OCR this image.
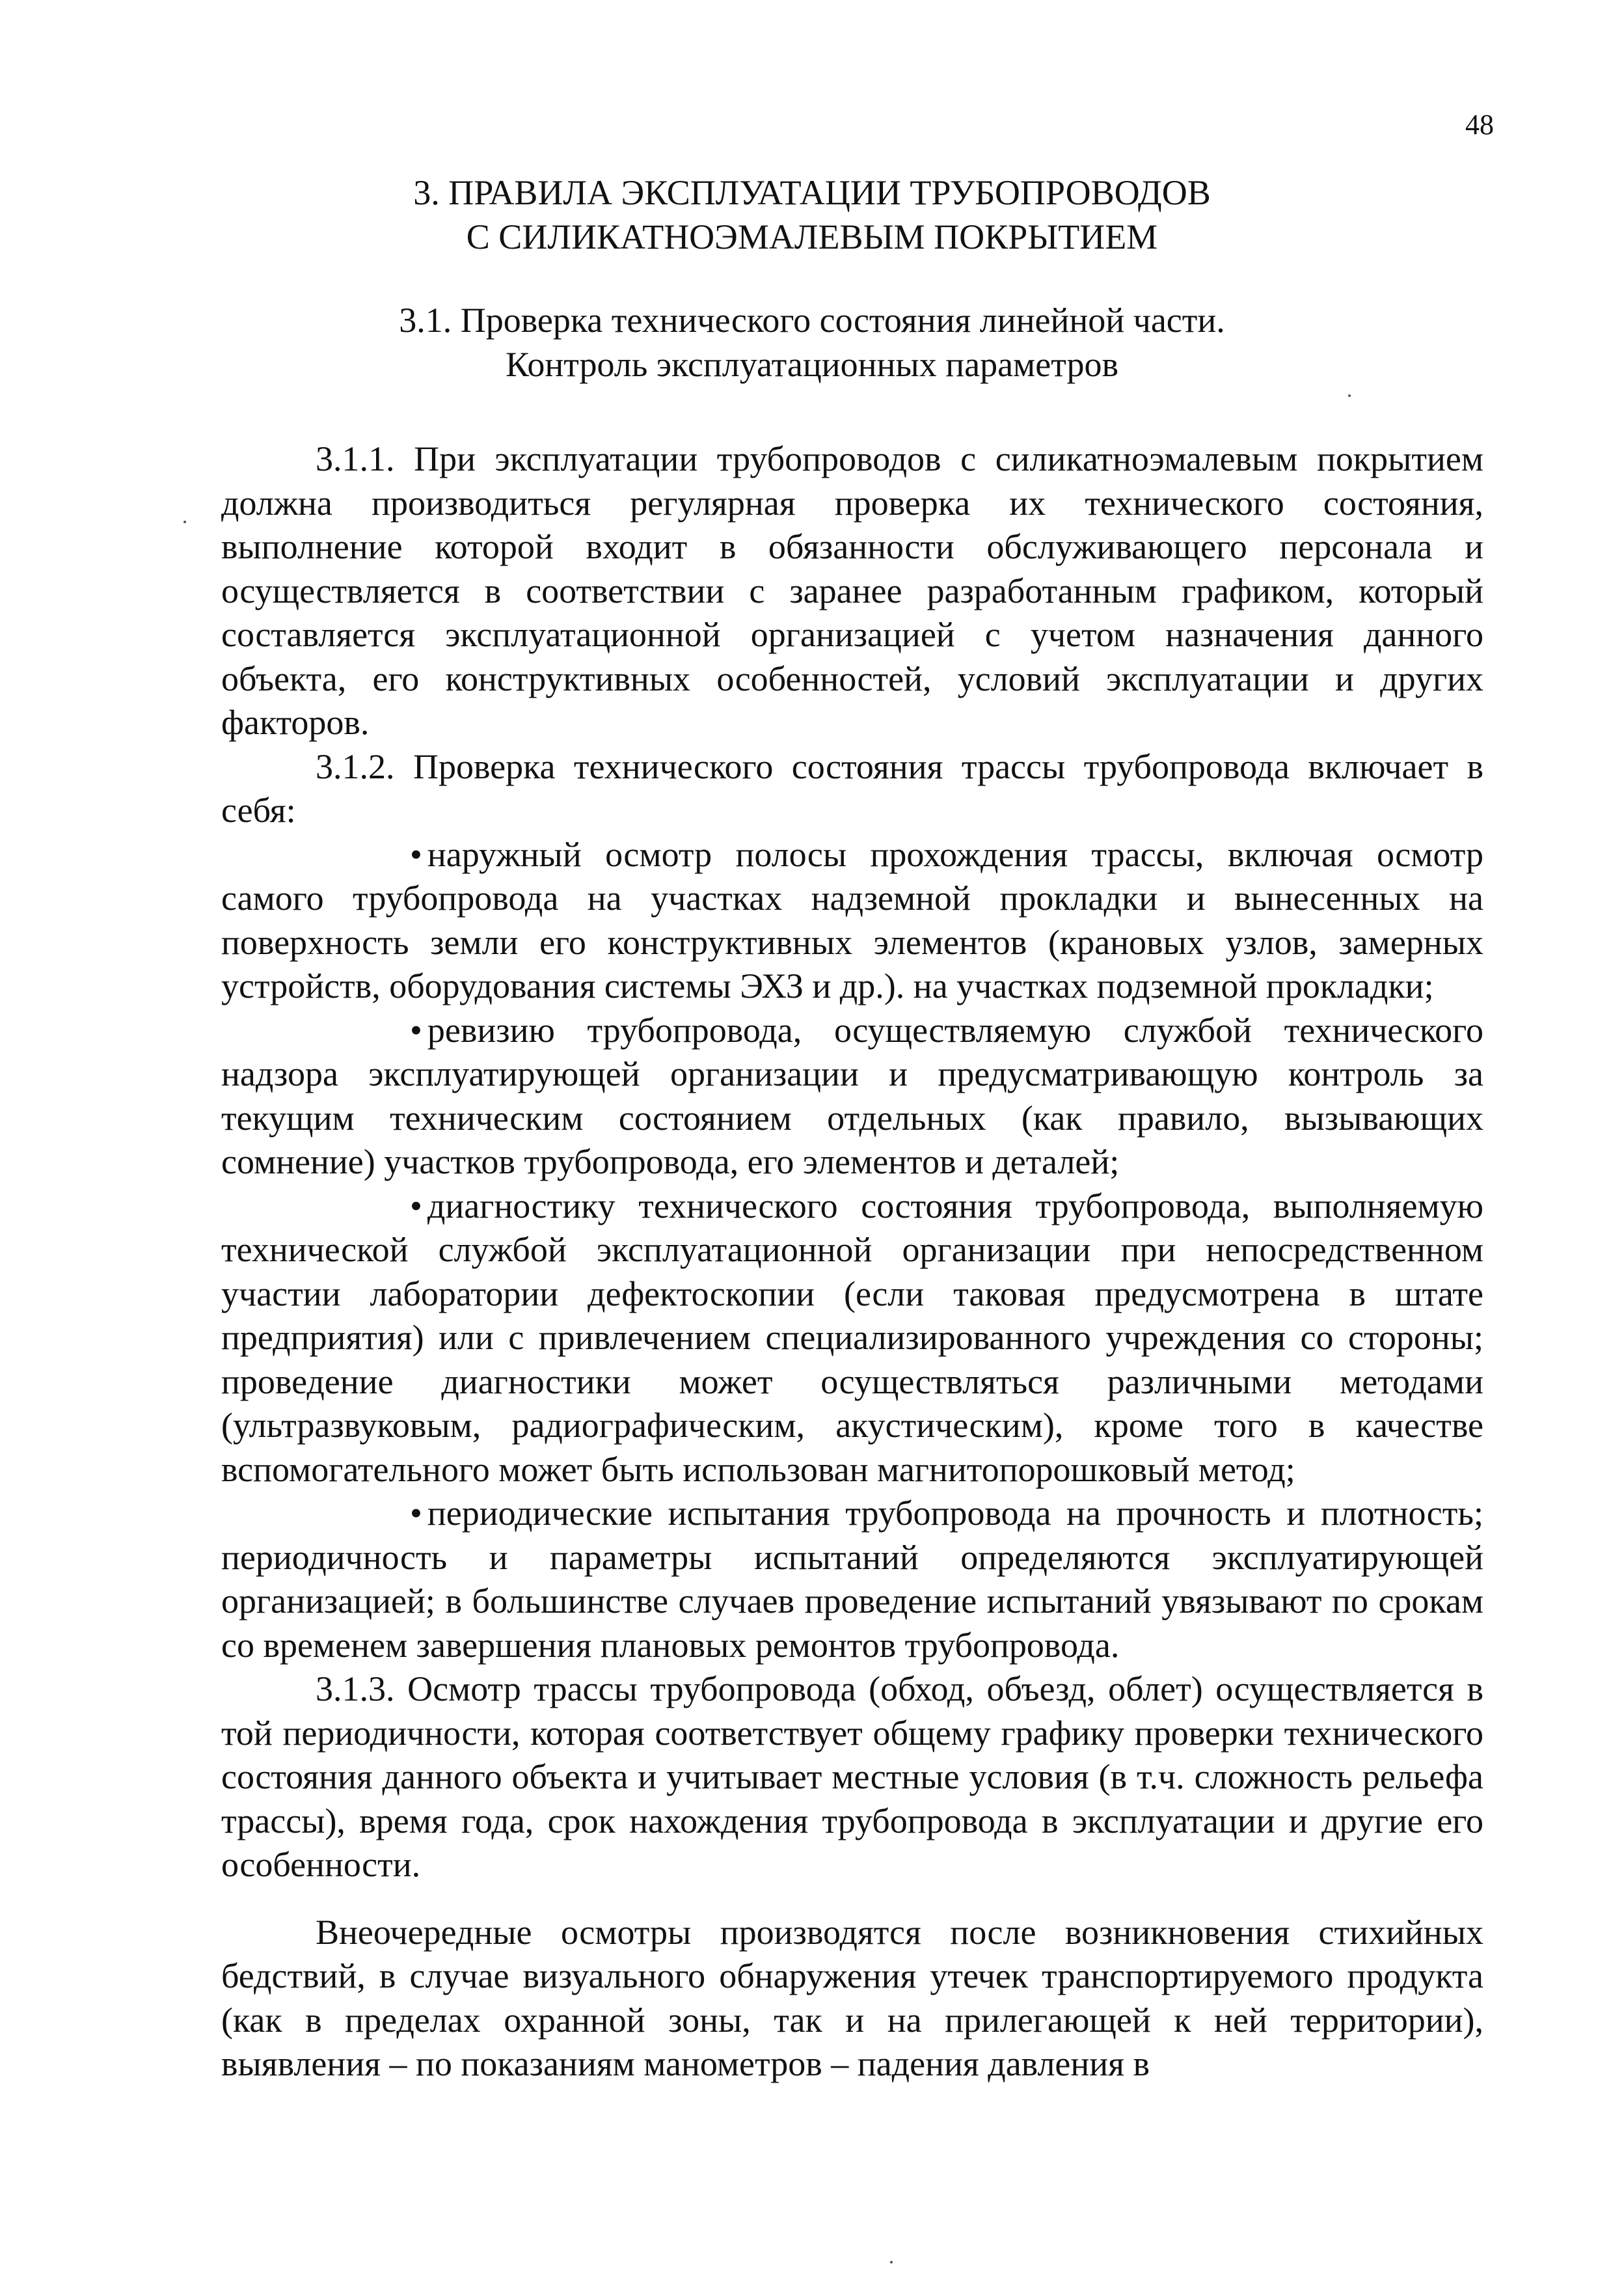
48
3. ПРАВИЛА ЭКСПЛУАТАЦИИ ТРУБОПРОВОДОВ
С СИЛИКАТНОЭМАЛЕВЫМ ПОКРЫТИЕМ
3.1. Проверка технического состояния линейной части.
Контроль эксплуатационных параметров

3.1.1. При эксплуатации трубопроводов с силикатноэмалевым покрытием должна производиться регулярная проверка их технического состояния, выполнение которой входит в обязанности обслуживающего персонала и осуществляется в соответствии с заранее разработанным графиком, который составляется эксплуатационной организацией с учетом назначения данного объекта, его конструктивных особенностей, условий эксплуатации и других факторов.

3.1.2. Проверка технического состояния трассы трубопровода включает в себя:

• наружный осмотр полосы прохождения трассы, включая осмотр самого трубопровода на участках надземной прокладки и вынесенных на поверхность земли его конструктивных элементов (крановых узлов, замерных устройств, оборудования системы ЭХЗ и др.). на участках подземной прокладки;

• ревизию трубопровода, осуществляемую службой технического надзора эксплуатирующей организации и предусматривающую контроль за текущим техническим состоянием отдельных (как правило, вызывающих сомнение) участков трубопровода, его элементов и деталей;

• диагностику технического состояния трубопровода, выполняемую технической службой эксплуатационной организации при непосредственном участии лаборатории дефектоскопии (если таковая предусмотрена в штате предприятия) или с привлечением специализированного учреждения со стороны; проведение диагностики может осуществляться различными методами (ультразвуковым, радиографическим, акустическим), кроме того в качестве вспомогательного может быть использован магнитопорошковый метод;

• периодические испытания трубопровода на прочность и плотность; периодичность и параметры испытаний определяются эксплуатирующей организацией; в большинстве случаев проведение испытаний увязывают по срокам со временем завершения плановых ремонтов трубопровода.

3.1.3. Осмотр трассы трубопровода (обход, объезд, облет) осуществляется в той периодичности, которая соответствует общему графику проверки технического состояния данного объекта и учитывает местные условия (в т.ч. сложность рельефа трассы), время года, срок нахождения трубопровода в эксплуатации и другие его особенности.

Внеочередные осмотры производятся после возникновения стихийных бедствий, в случае визуального обнаружения утечек транспортируемого продукта (как в пределах охранной зоны, так и на прилегающей к ней территории), выявления – по показаниям манометров – падения давления в
